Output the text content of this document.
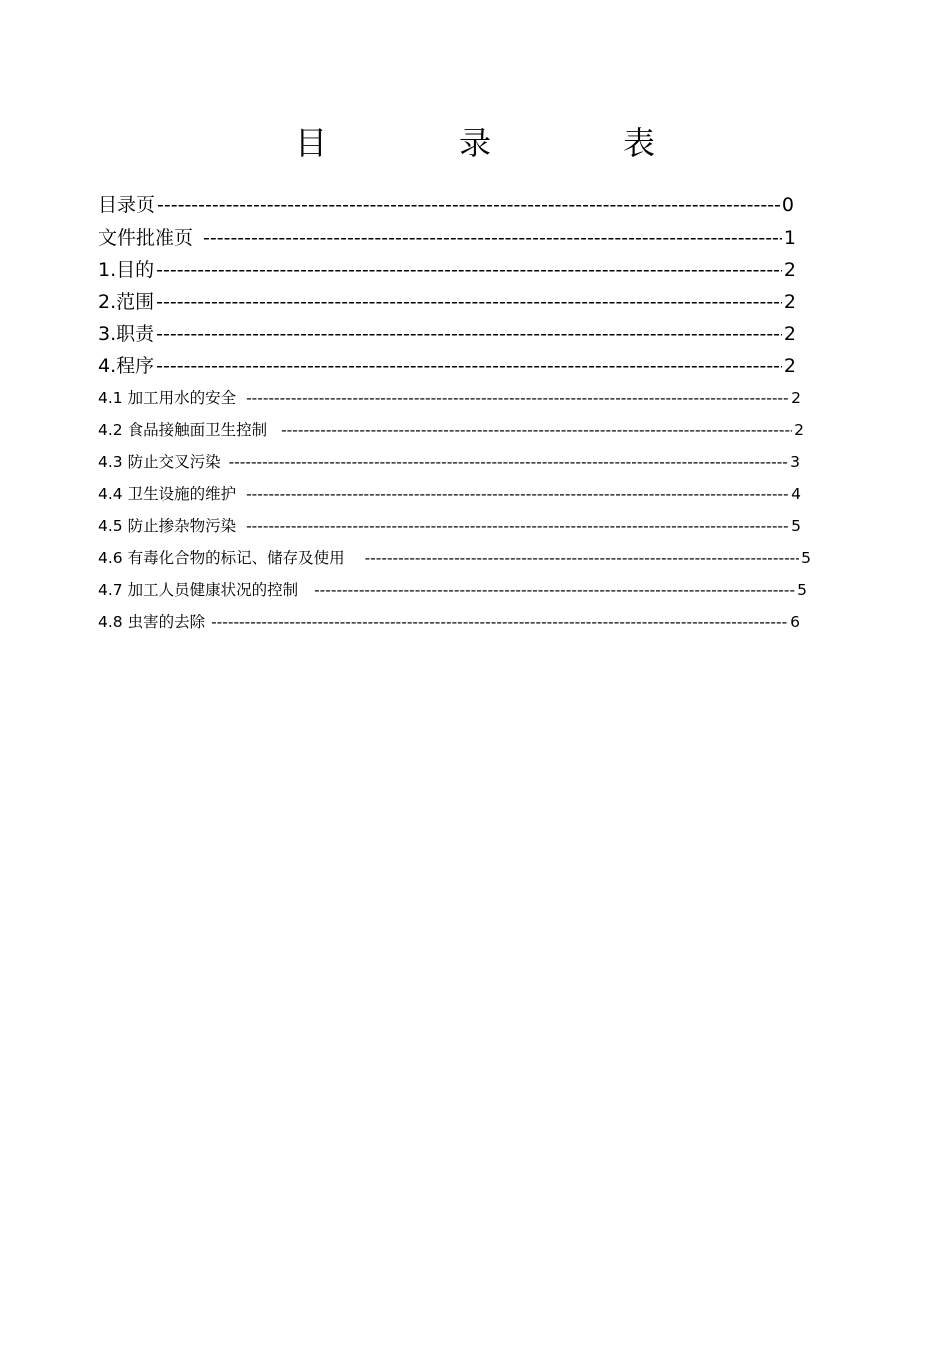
目　录　表
目录页 -----	0
文件批准页 -----	1
1.目的 -----	2
2.范围 -----	2
3.职责 -----	2
4.程序 -----	2
4.1 加工用水的安全 -----	2
4.2 食品接触面卫生控制 -----	2
4.3 防止交叉污染 -----	3
4.4 卫生设施的维护 -----	4
4.5 防止掺杂物污染 -----	5
4.6 有毒化合物的标记、储存及使用 -----	5
4.7 加工人员健康状况的控制 -----	5
4.8 虫害的去除 -----	6
